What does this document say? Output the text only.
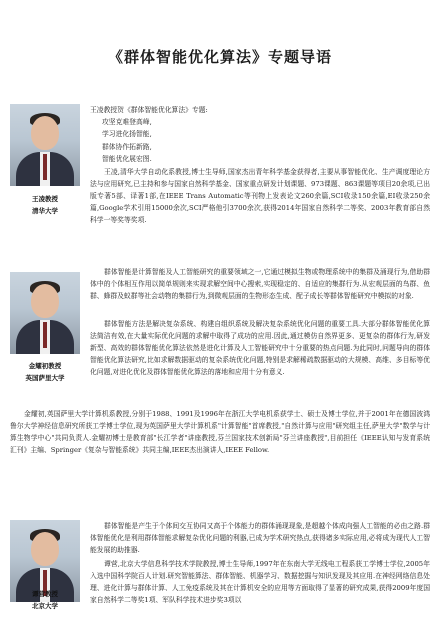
《群体智能优化算法》专题导语
王凌教授
清华大学
王凌教授贺《群体智能优化算法》专题:
攻坚克难登高峰,
学习进化扬智能,
群体协作拓新路,
智能优化展宏图.

王凌,清华大学自动化系教授,博士生导师,国家杰出青年科学基金获得者,主要从事智能优化、生产调度理论方法与应用研究,已主持和参与国家自然科学基金、国家重点研发计划课题、973课题、863课题等项目20余项,已出版专著5部、译著1部,在IEEE Trans Automatic等刊物上发表论文260余篇,SCI收录150余篇,EI收录250余篇,Google学术引用15000余次,SCI严格他引3700余次,获得2014年国家自然科学二等奖、2003年教育部自然科学一等奖等奖项.

金耀初教授
英国萨里大学

群体智能是计算智能及人工智能研究的重要领域之一,它通过模拟生物或物理系统中的集群及涌现行为,借助群体中的个体相互作用以简单规则来实现求解空间中心搜索,实现稳定的、自适应的集群行为.从宏观层面的鸟群、鱼群、蜂群及蚁群等社会动物的集群行为,到微观层面的生物形态生成、配子成长等群体智能研究中模拟的对象.

群体智能方法是解决复杂系统、构建自组织系统及解决复杂系统优化问题的重要工具.大部分群体智能优化算法简洁有效,在大量实际优化问题的求解中取得了成功的应用.因此,通过模仿自然界更多、更复杂的群体行为,研发新型、高效的群体智能优化算法依然是进化计算及人工智能研究中十分重要的热点问题.为此同时,问题导向的群体智能优化算法研究,比如求解数据驱动的复杂系统优化问题,特别是求解稀疏数据驱动的大规模、高维、多目标等优化问题,对进化优化及群体智能优化算法的落地和应用十分有意义.

金耀初,英国萨里大学计算机系教授,分别于1988、1991及1996年在浙江大学电机系获学士、硕士及博士学位,并于2001年在德国波鸿鲁尔大学神经信息研究所获工学博士学位,现为英国萨里大学计算机系"计算智能"首席教授,"自然计算与应用"研究组主任,萨里大学"数学与计算生物学中心"共同负责人.金耀初博士是教育部"长江学者"讲座教授,芬兰国家技术创新局"芬兰讲座教授",目前担任《IEEE认知与发育系统汇刊》主编、Springer《复杂与智能系统》共同主编,IEEE杰出演讲人,IEEE Fellow.

谭营教授
北京大学

群体智能是产生于个体间交互协同又高于个体能力的群体涌现现象,是超越个体成向强人工智能的必由之路.群体智能优化是利用群体智能求解复杂优化问题的利器,已成为学术研究热点,获得诸多实际应用,必将成为现代人工智能发展的助推器.

谭营,北京大学信息科学技术学院教授,博士生导师,1997年在东南大学无线电工程系获工学博士学位,2005年入选中国科学院百人计划.研究智能算法、群体智能、机器学习、数据挖掘与知识发现及其应用.在神经网络信息处理、进化计算与群体计算、人工免疫系统及其在计算机安全的应用等方面取得了显著的研究成果,获得2009年度国家自然科学二等奖1项、军队科学技术进步奖3项以
